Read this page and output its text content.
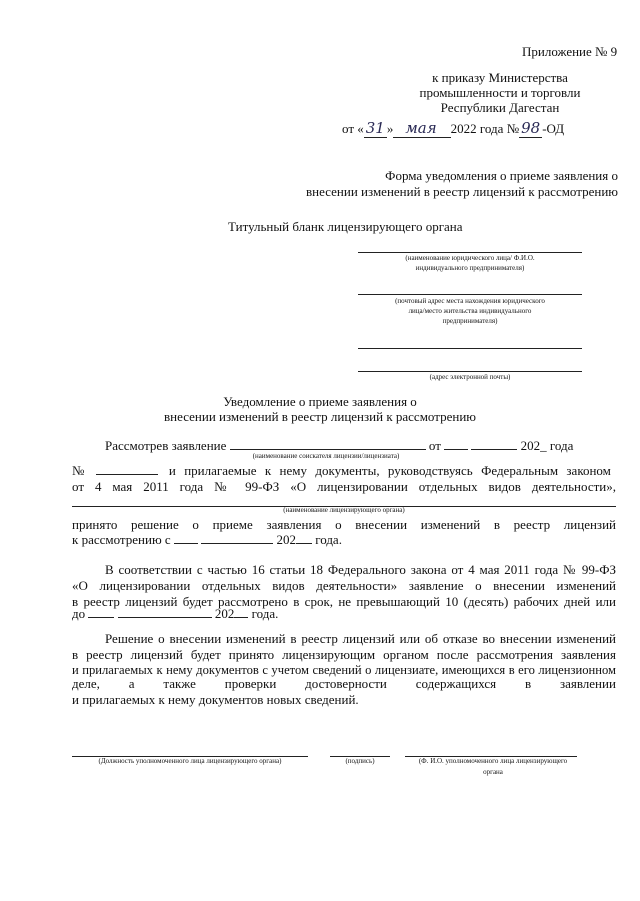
Приложение № 9
к приказу Министерства
промышленности и торговли
Республики Дагестан
от « 31 » мая 2022 года № 98 -ОД
Форма уведомления о приеме заявления о
внесении изменений в реестр лицензий к рассмотрению
Титульный бланк лицензирующего органа
(наименование юридического лица/ Ф.И.О.
индивидуального предпринимателя)
(почтовый адрес места нахождения юридического
лица/место жительства индивидуального
предпринимателя)
(адрес электронной почты)
Уведомление о приеме заявления о
внесении изменений в реестр лицензий к рассмотрению
Рассмотрев заявление	от	202_ года
(наименование соискателя лицензии/лицензиата)
№	и прилагаемые к нему документы, руководствуясь Федеральным законом
от 4 мая 2011 года № 99-ФЗ «О лицензировании отдельных видов деятельности»,
(наименование лицензирующего органа)
принято решение о приеме заявления о внесении изменений в реестр лицензий
к рассмотрению с	202 года.
В соответствии с частью 16 статьи 18 Федерального закона от 4 мая 2011 года № 99-ФЗ
«О лицензировании отдельных видов деятельности» заявление о внесении изменений
в реестр лицензий будет рассмотрено в срок, не превышающий 10 (десять) рабочих дней или
до	202 года.
Решение о внесении изменений в реестр лицензий или об отказе во внесении изменений
в реестр лицензий будет принято лицензирующим органом после рассмотрения заявления
и прилагаемых к нему документов с учетом сведений о лицензиате, имеющихся в его лицензионном
деле, а также проверки достоверности содержащихся в заявлении
и прилагаемых к нему документов новых сведений.
(Должность уполномоченного лица лицензирующего органа)	(подпись)	(Ф. И.О. уполномоченного лица лицензирующего
органа
